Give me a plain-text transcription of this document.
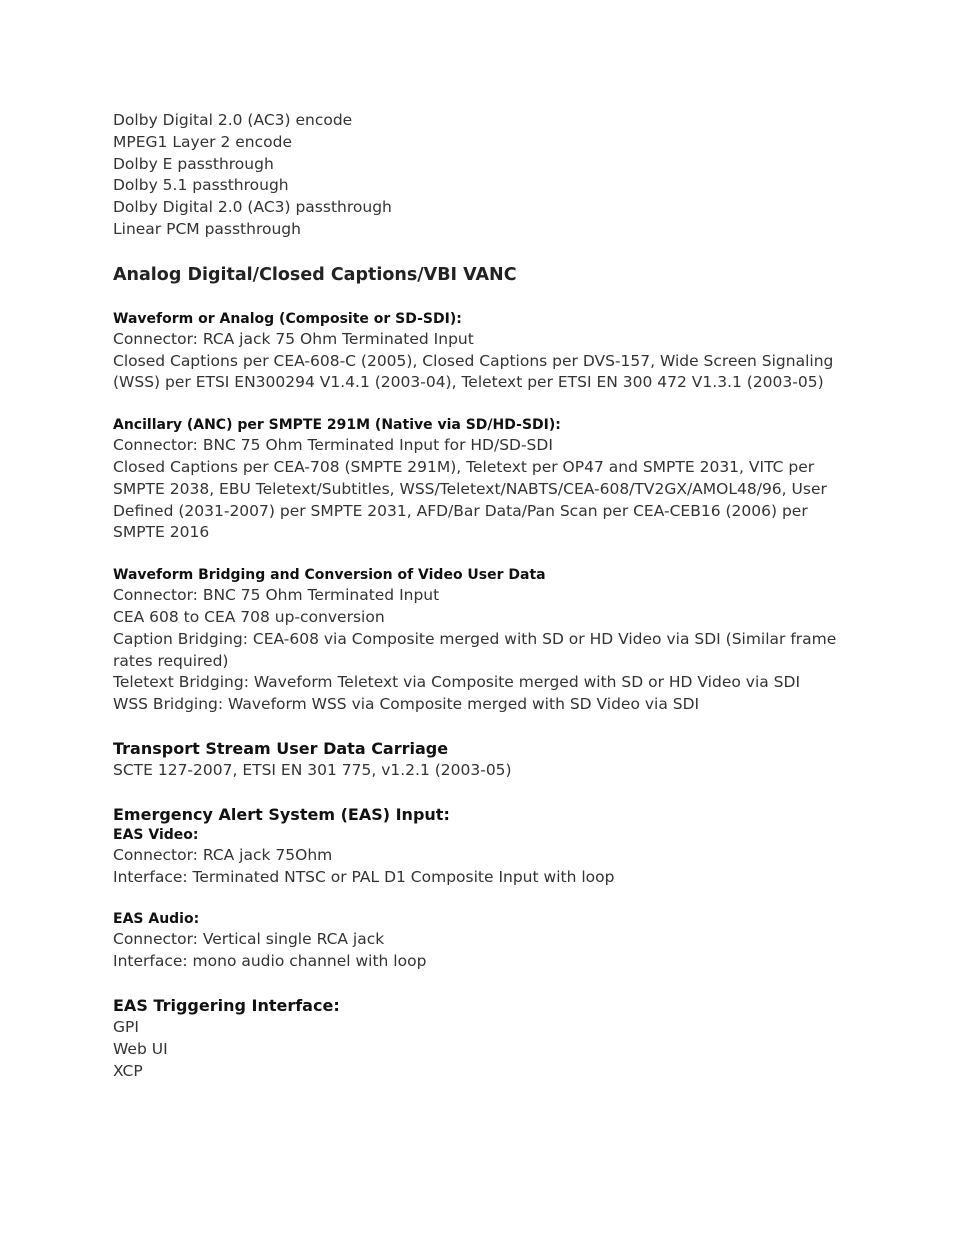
Dolby Digital 2.0 (AC3) encode

MPEG1 Layer 2 encode

Dolby E passthrough

Dolby 5.1 passthrough

Dolby Digital 2.0 (AC3) passthrough

Linear PCM passthrough

Analog Digital/Closed Captions/VBI VANC
Waveform or Analog (Composite or SD-SDI):

Connector: RCA jack 75 Ohm Terminated Input

Closed Captions per CEA-608-C (2005), Closed Captions per DVS-157, Wide Screen Signaling (WSS) per ETSI EN300294 V1.4.1 (2003-04), Teletext per ETSI EN 300 472 V1.3.1 (2003-05)

Ancillary (ANC) per SMPTE 291M (Native via SD/HD-SDI):

Connector: BNC 75 Ohm Terminated Input for HD/SD-SDI

Closed Captions per CEA-708 (SMPTE 291M), Teletext per OP47 and SMPTE 2031, VITC per SMPTE 2038, EBU Teletext/Subtitles, WSS/Teletext/NABTS/CEA-608/TV2GX/AMOL48/96, User Defined (2031-2007) per SMPTE 2031, AFD/Bar Data/Pan Scan per CEA-CEB16 (2006) per SMPTE 2016

Waveform Bridging and Conversion of Video User Data

Connector: BNC 75 Ohm Terminated Input

CEA 608 to CEA 708 up-conversion

Caption Bridging: CEA-608 via Composite merged with SD or HD Video via SDI (Similar frame rates required)

Teletext Bridging: Waveform Teletext via Composite merged with SD or HD Video via SDI

WSS Bridging: Waveform WSS via Composite merged with SD Video via SDI

Transport Stream User Data Carriage

SCTE 127-2007, ETSI EN 301 775, v1.2.1 (2003-05)

Emergency Alert System (EAS) Input:
EAS Video:

Connector: RCA jack 75Ohm

Interface: Terminated NTSC or PAL D1 Composite Input with loop

EAS Audio:

Connector: Vertical single RCA jack

Interface: mono audio channel with loop

EAS Triggering Interface:

GPI

Web UI

XCP
